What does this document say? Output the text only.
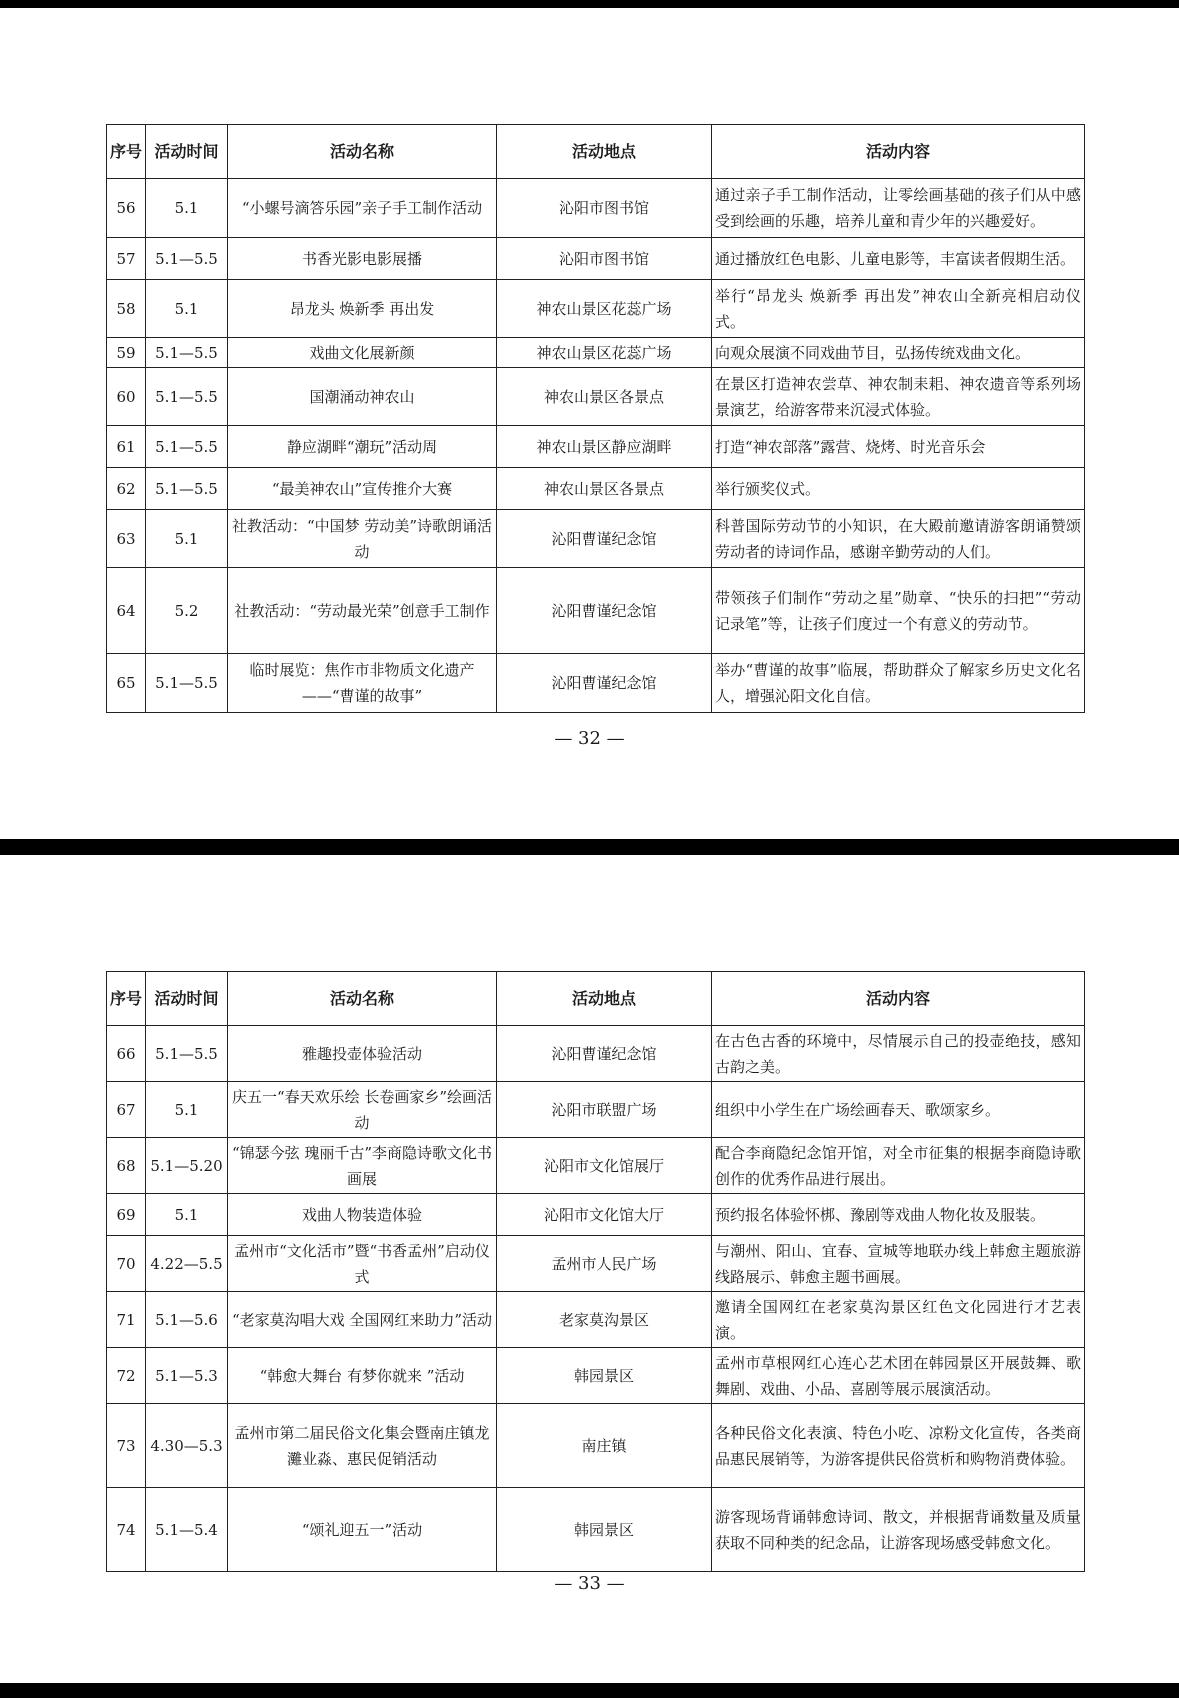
序号	活动时间	活动名称	活动地点	活动内容
56	5.1	“小螺号滴答乐园”亲子手工制作活动	沁阳市图书馆	通过亲子手工制作活动，让零绘画基础的孩子们从中感受到绘画的乐趣，培养儿童和青少年的兴趣爱好。
57	5.1—5.5	书香光影电影展播	沁阳市图书馆	通过播放红色电影、儿童电影等，丰富读者假期生活。
58	5.1	昂龙头 焕新季 再出发	神农山景区花蕊广场	举行“昂龙头 焕新季 再出发”神农山全新亮相启动仪式。
59	5.1—5.5	戏曲文化展新颜	神农山景区花蕊广场	向观众展演不同戏曲节目，弘扬传统戏曲文化。
60	5.1—5.5	国潮涌动神农山	神农山景区各景点	在景区打造神农尝草、神农制耒耜、神农遗音等系列场景演艺，给游客带来沉浸式体验。
61	5.1—5.5	静应湖畔“潮玩”活动周	神农山景区静应湖畔	打造“神农部落”露营、烧烤、时光音乐会
62	5.1—5.5	“最美神农山”宣传推介大赛	神农山景区各景点	举行颁奖仪式。
63	5.1	社教活动：“中国梦 劳动美”诗歌朗诵活动	沁阳曹谨纪念馆	科普国际劳动节的小知识，在大殿前邀请游客朗诵赞颂劳动者的诗词作品，感谢辛勤劳动的人们。
64	5.2	社教活动：“劳动最光荣”创意手工制作	沁阳曹谨纪念馆	带领孩子们制作“劳动之星”勋章、“快乐的扫把”“劳动记录笔”等，让孩子们度过一个有意义的劳动节。
65	5.1—5.5	临时展览：焦作市非物质文化遗产——“曹谨的故事”	沁阳曹谨纪念馆	举办“曹谨的故事”临展，帮助群众了解家乡历史文化名人，增强沁阳文化自信。
— 32 —
序号	活动时间	活动名称	活动地点	活动内容
66	5.1—5.5	雅趣投壶体验活动	沁阳曹谨纪念馆	在古色古香的环境中，尽情展示自己的投壶绝技，感知古韵之美。
67	5.1	庆五一“春天欢乐绘 长卷画家乡”绘画活动	沁阳市联盟广场	组织中小学生在广场绘画春天、歌颂家乡。
68	5.1—5.20	“锦瑟今弦 瑰丽千古”李商隐诗歌文化书画展	沁阳市文化馆展厅	配合李商隐纪念馆开馆，对全市征集的根据李商隐诗歌创作的优秀作品进行展出。
69	5.1	戏曲人物装造体验	沁阳市文化馆大厅	预约报名体验怀梆、豫剧等戏曲人物化妆及服装。
70	4.22—5.5	孟州市“文化活市”暨“书香孟州”启动仪式	孟州市人民广场	与潮州、阳山、宜春、宣城等地联办线上韩愈主题旅游线路展示、韩愈主题书画展。
71	5.1—5.6	“老家莫沟唱大戏 全国网红来助力”活动	老家莫沟景区	邀请全国网红在老家莫沟景区红色文化园进行才艺表演。
72	5.1—5.3	“韩愈大舞台 有梦你就来 ”活动	韩园景区	孟州市草根网红心连心艺术团在韩园景区开展鼓舞、歌舞剧、戏曲、小品、喜剧等展示展演活动。
73	4.30—5.3	孟州市第二届民俗文化集会暨南庄镇龙灘业淼、惠民促销活动	南庄镇	各种民俗文化表演、特色小吃、凉粉文化宣传，各类商品惠民展销等，为游客提供民俗赏析和购物消费体验。
74	5.1—5.4	“颂礼迎五一”活动	韩园景区	游客现场背诵韩愈诗词、散文，并根据背诵数量及质量获取不同种类的纪念品，让游客现场感受韩愈文化。
— 33 —
